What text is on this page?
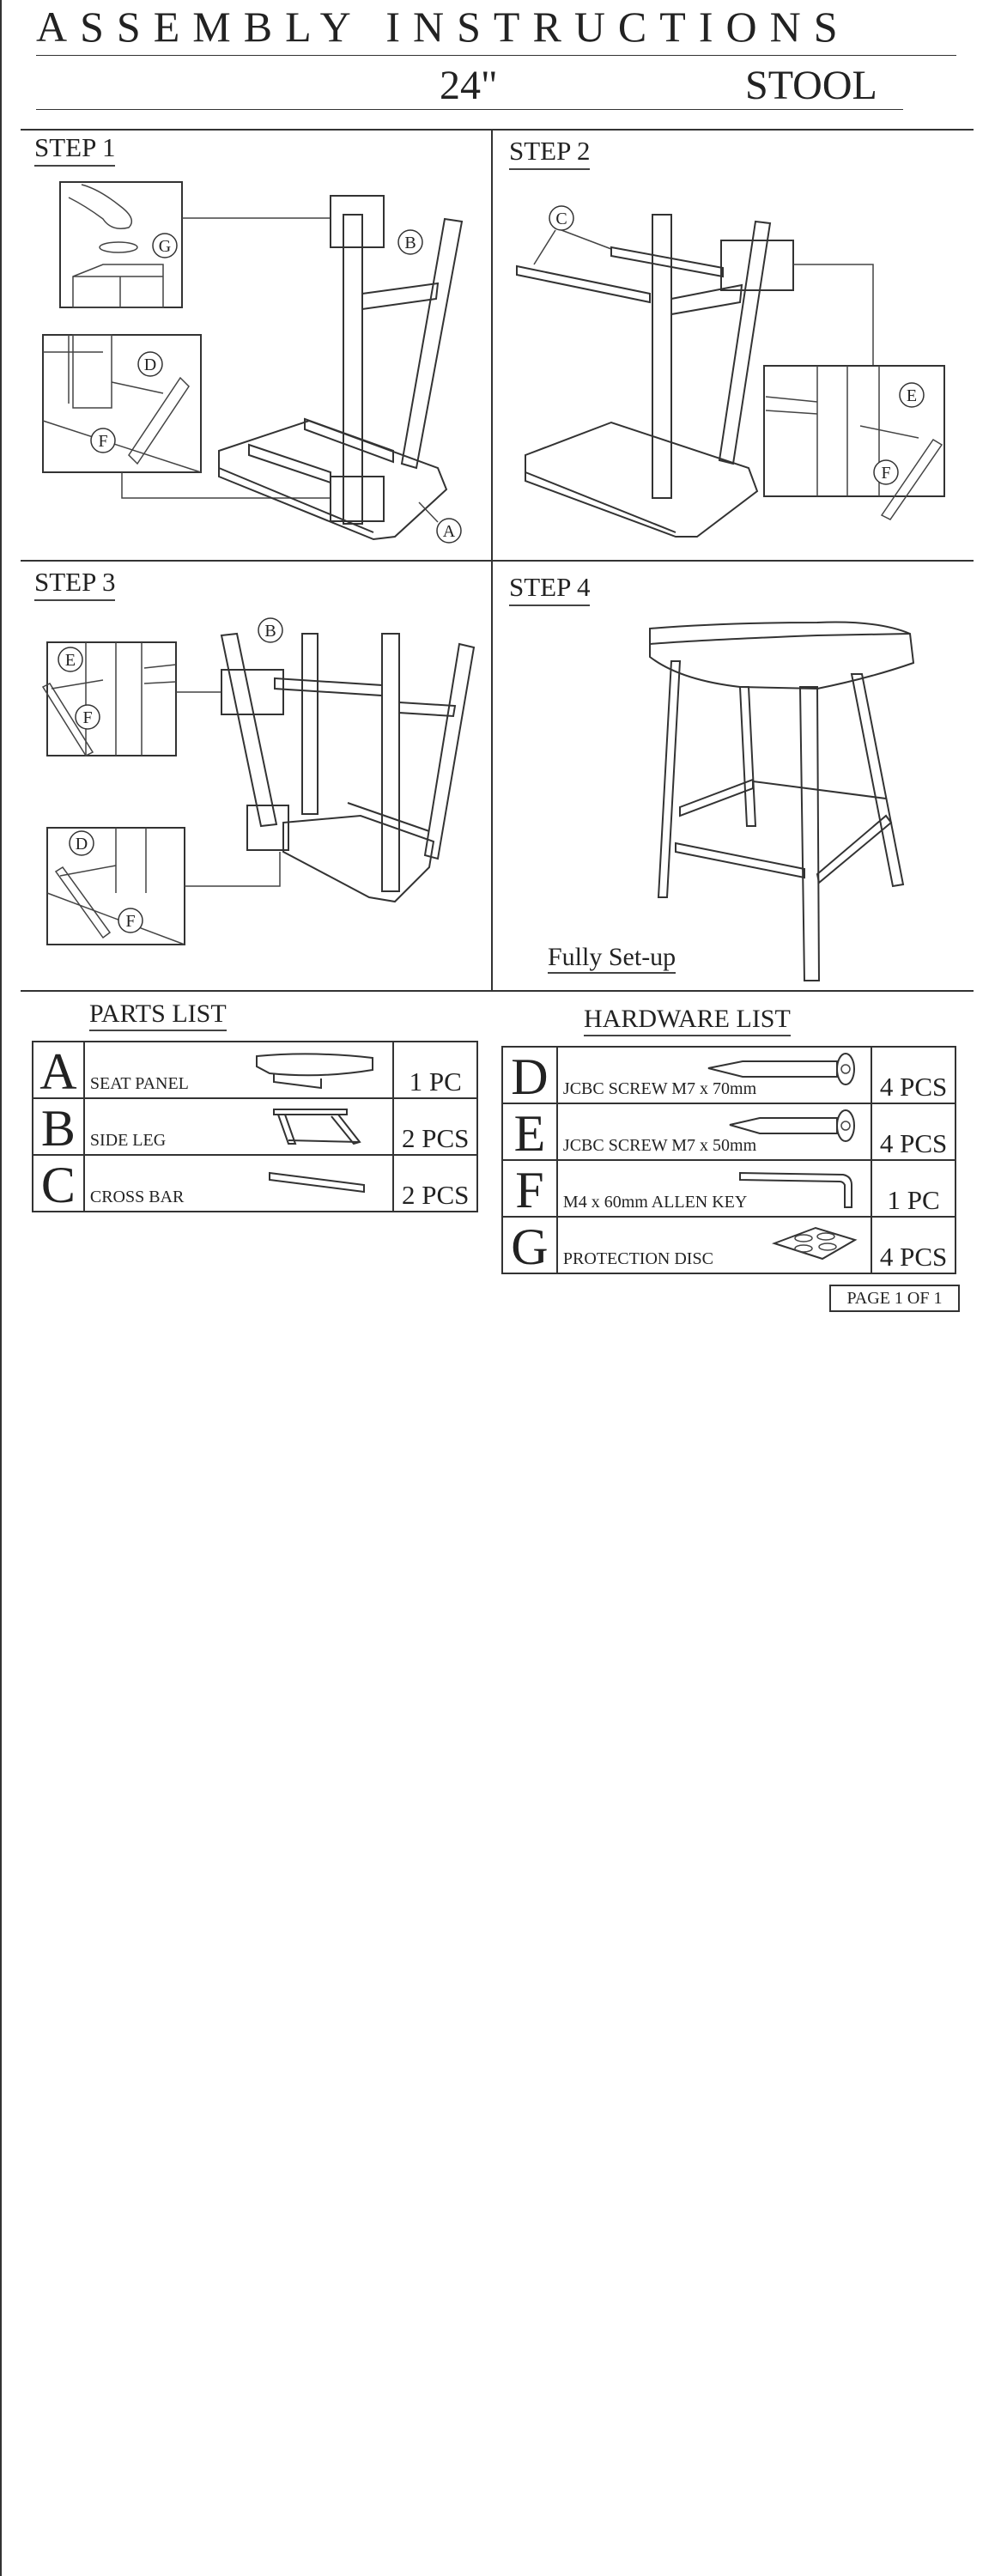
ASSEMBLY INSTRUCTIONS
24"	STOOL
STEP 1	STEP 2
STEP 3	STEP 4
G
D
F
B
A
C
E
F
E
F
D
F
B
Fully Set-up
PARTS LIST
A	SEAT PANEL	1 PC
B	SIDE LEG	2 PCS
C	CROSS BAR	2 PCS
HARDWARE LIST
D	JCBC SCREW M7 x 70mm	4 PCS
E	JCBC SCREW M7 x 50mm	4 PCS
F	M4 x 60mm ALLEN KEY	1 PC
G	PROTECTION DISC	4 PCS
PAGE 1 OF 1
